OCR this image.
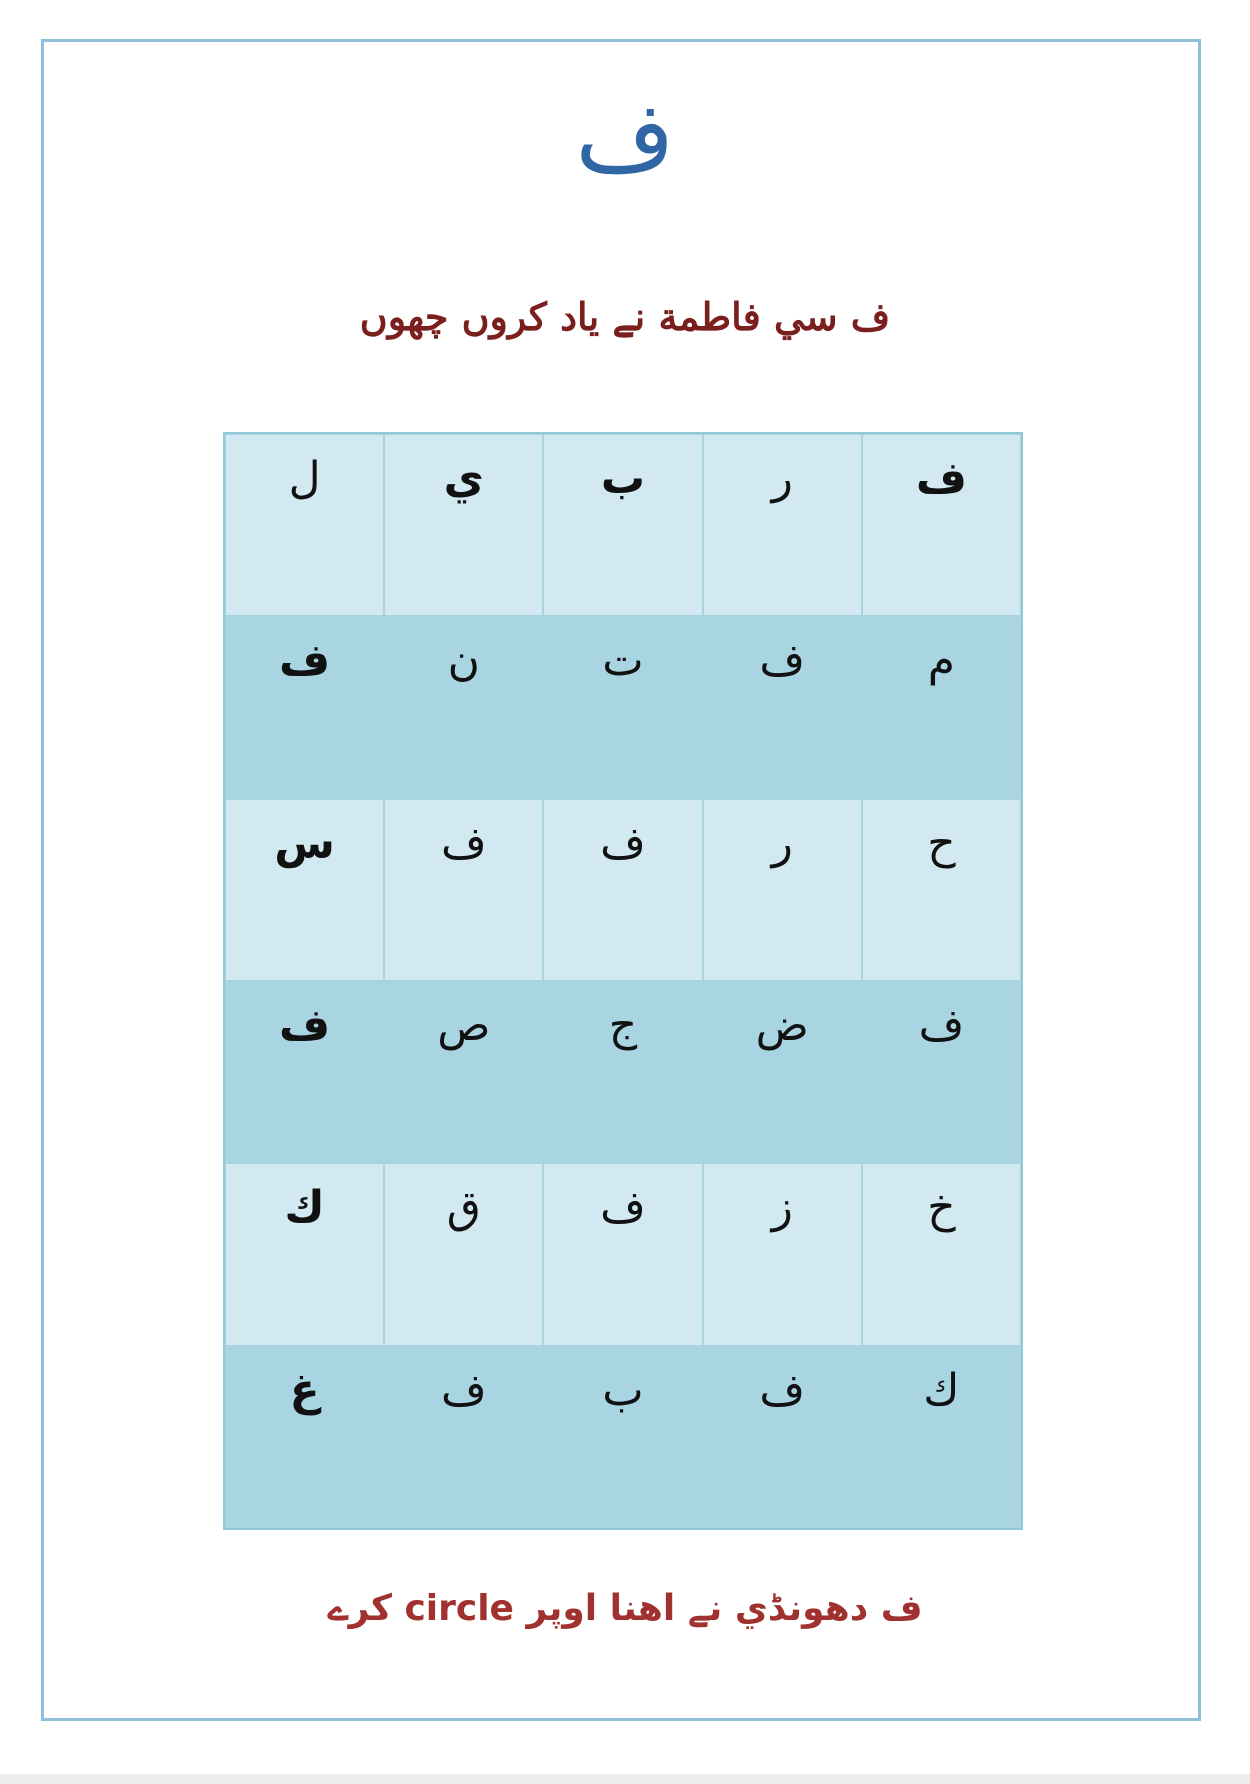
ف
ف سي فاطمة نے ياد كروں چھوں
ل	ي	ب	ر	ف
ف	ن	ت	ف	م
س	ف	ف	ر	ح
ف	ص	ج	ض	ف
ك	ق	ف	ز	خ
غ	ف	ب	ف	ك
ف دھونڈي نے اھنا اوپر circle كرے
